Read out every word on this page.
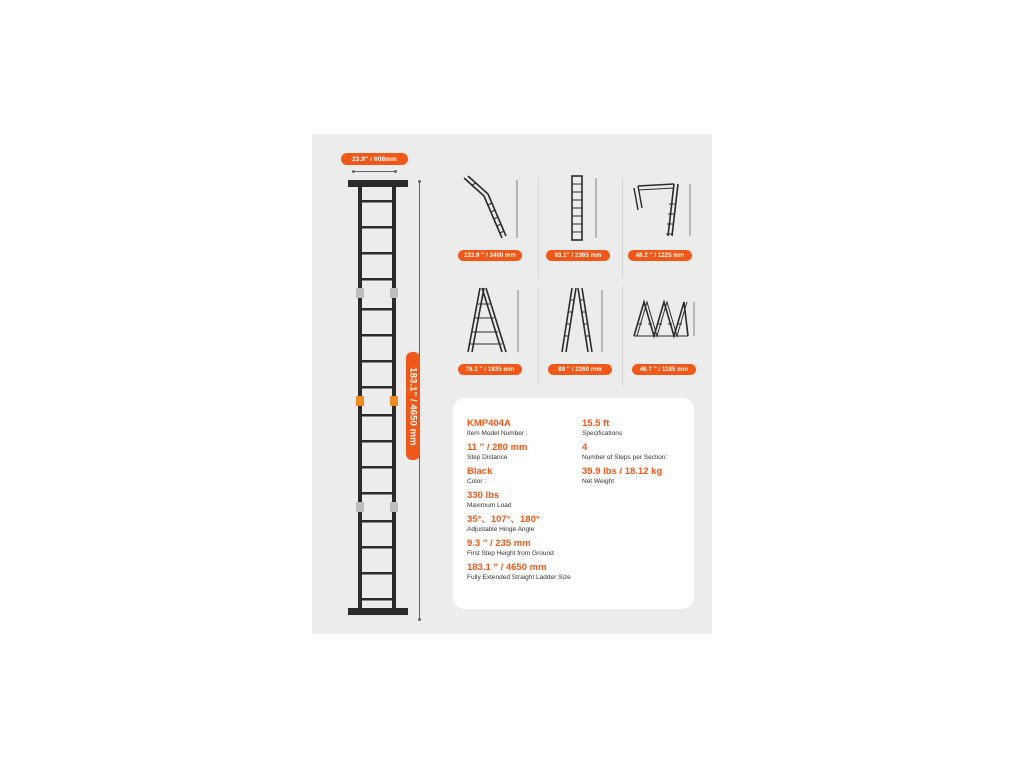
23.9" / 608mm
183.1" / 4650 mm
133.9 '' / 3400 mm	93.1'' / 2365 mm	48.2 '' / 1225 mm
76.2 '' / 1935 mm	89 '' / 2260 mm	46.7 '' / 1185 mm
KMP404A
Item Model Number :
11 '' / 280 mm
Step Distance
Black
Color :
330 lbs
Maximum Load
35°、107°、180°
Adjustable Hinge Angle
9.3 '' / 235 mm
First Step Height from Ground
183.1 '' / 4650 mm
Fully Extended Straight Ladder Size
15.5 ft
Specifications
4
Number of Steps per Section:
39.9 lbs / 18.12 kg
Net Weight
